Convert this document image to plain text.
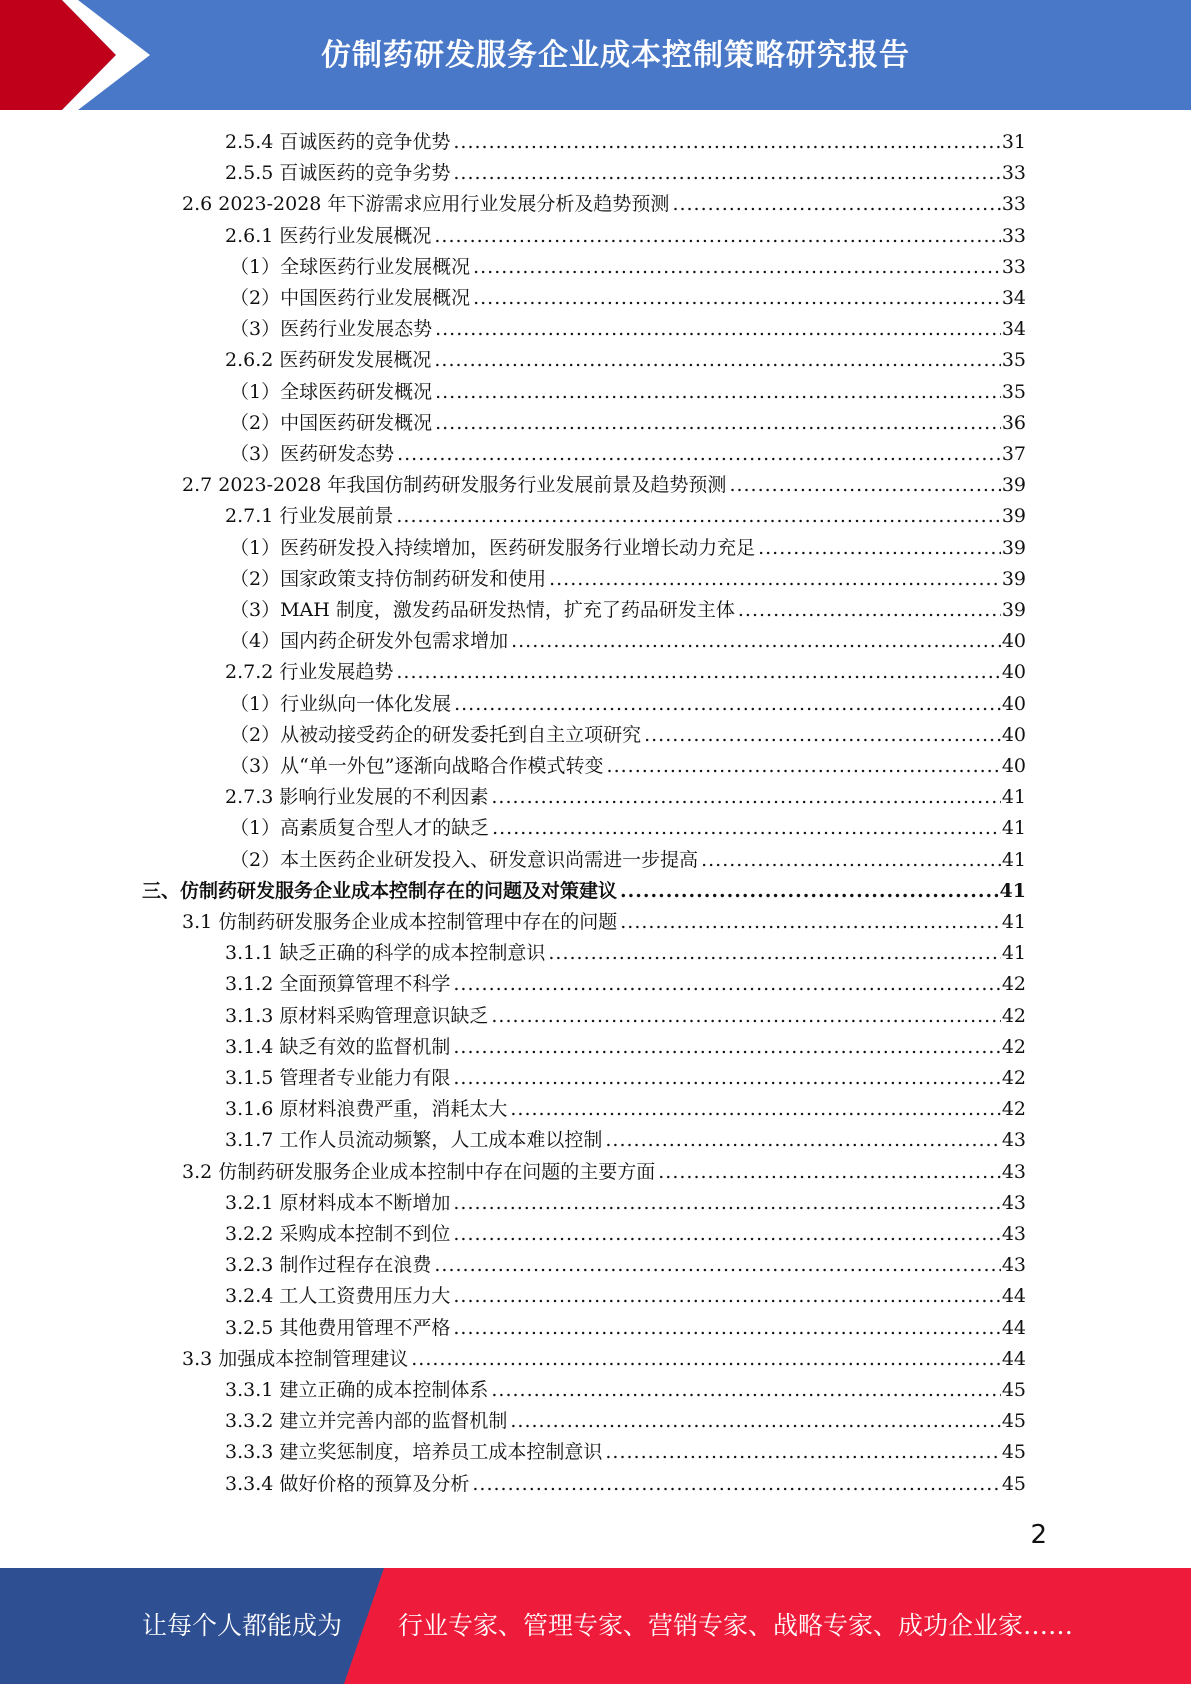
仿制药研发服务企业成本控制策略研究报告
2.5.4 百诚医药的竞争优势 .....	31
2.5.5 百诚医药的竞争劣势 .....	33
2.6 2023-2028 年下游需求应用行业发展分析及趋势预测 .....	33
2.6.1 医药行业发展概况 .....	33
（1）全球医药行业发展概况 .....	33
（2）中国医药行业发展概况 .....	34
（3）医药行业发展态势 .....	34
2.6.2 医药研发发展概况 .....	35
（1）全球医药研发概况 .....	35
（2）中国医药研发概况 .....	36
（3）医药研发态势 .....	37
2.7 2023-2028 年我国仿制药研发服务行业发展前景及趋势预测 .....	39
2.7.1 行业发展前景 .....	39
（1）医药研发投入持续增加，医药研发服务行业增长动力充足 .....	39
（2）国家政策支持仿制药研发和使用 .....	39
（3）MAH 制度，激发药品研发热情，扩充了药品研发主体 .....	39
（4）国内药企研发外包需求增加 .....	40
2.7.2 行业发展趋势 .....	40
（1）行业纵向一体化发展 .....	40
（2）从被动接受药企的研发委托到自主立项研究 .....	40
（3）从“单一外包”逐渐向战略合作模式转变 .....	40
2.7.3 影响行业发展的不利因素 .....	41
（1）高素质复合型人才的缺乏 .....	41
（2）本土医药企业研发投入、研发意识尚需进一步提高 .....	41
三、仿制药研发服务企业成本控制存在的问题及对策建议 .....	41
3.1 仿制药研发服务企业成本控制管理中存在的问题 .....	41
3.1.1 缺乏正确的科学的成本控制意识 .....	41
3.1.2 全面预算管理不科学 .....	42
3.1.3 原材料采购管理意识缺乏 .....	42
3.1.4 缺乏有效的监督机制 .....	42
3.1.5 管理者专业能力有限 .....	42
3.1.6 原材料浪费严重，消耗太大 .....	42
3.1.7 工作人员流动频繁，人工成本难以控制 .....	43
3.2 仿制药研发服务企业成本控制中存在问题的主要方面 .....	43
3.2.1 原材料成本不断增加 .....	43
3.2.2 采购成本控制不到位 .....	43
3.2.3 制作过程存在浪费 .....	43
3.2.4 工人工资费用压力大 .....	44
3.2.5 其他费用管理不严格 .....	44
3.3 加强成本控制管理建议 .....	44
3.3.1 建立正确的成本控制体系 .....	45
3.3.2 建立并完善内部的监督机制 .....	45
3.3.3 建立奖惩制度，培养员工成本控制意识 .....	45
3.3.4 做好价格的预算及分析 .....	45
2
让每个人都能成为 行业专家、管理专家、营销专家、战略专家、成功企业家……
